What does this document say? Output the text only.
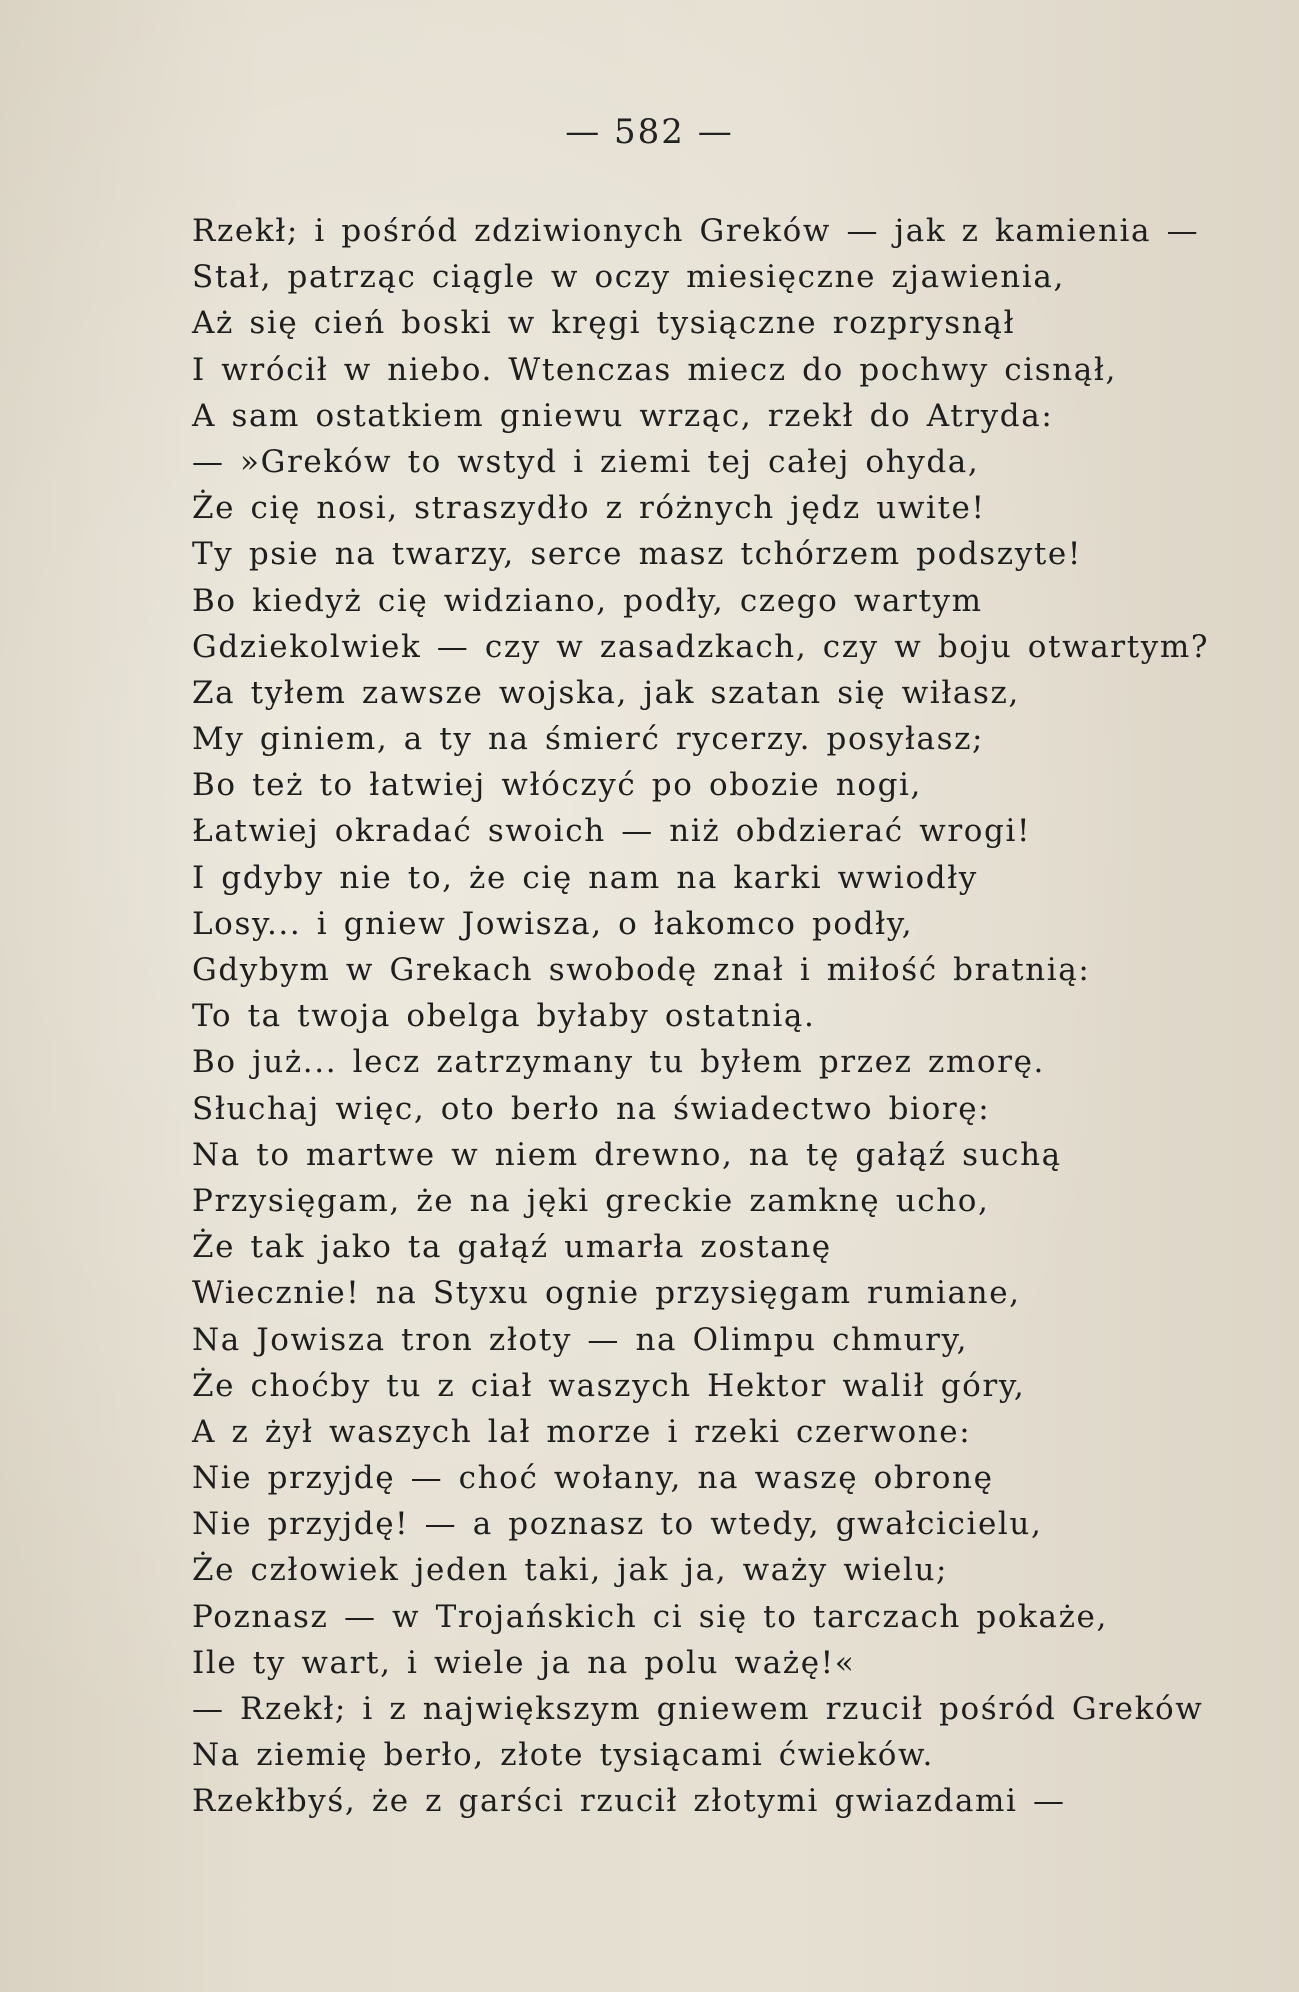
— 582 —
Rzekł; i pośród zdziwionych Greków — jak z kamienia —
Stał, patrząc ciągle w oczy miesięczne zjawienia,
Aż się cień boski w kręgi tysiączne rozprysnął
I wrócił w niebo. Wtenczas miecz do pochwy cisnął,
A sam ostatkiem gniewu wrząc, rzekł do Atryda:
— »Greków to wstyd i ziemi tej całej ohyda,
Że cię nosi, straszydło z różnych jędz uwite!
Ty psie na twarzy, serce masz tchórzem podszyte!
Bo kiedyż cię widziano, podły, czego wartym
Gdziekolwiek — czy w zasadzkach, czy w boju otwartym?
Za tyłem zawsze wojska, jak szatan się wiłasz,
My giniem, a ty na śmierć rycerzy. posyłasz;
Bo też to łatwiej włóczyć po obozie nogi,
Łatwiej okradać swoich — niż obdzierać wrogi!
I gdyby nie to, że cię nam na karki wwiodły
Losy... i gniew Jowisza, o łakomco podły,
Gdybym w Grekach swobodę znał i miłość bratnią:
To ta twoja obelga byłaby ostatnią.
Bo już... lecz zatrzymany tu byłem przez zmorę.
Słuchaj więc, oto berło na świadectwo biorę:
Na to martwe w niem drewno, na tę gałąź suchą
Przysięgam, że na jęki greckie zamknę ucho,
Że tak jako ta gałąź umarła zostanę
Wiecznie! na Styxu ognie przysięgam rumiane,
Na Jowisza tron złoty — na Olimpu chmury,
Że choćby tu z ciał waszych Hektor walił góry,
A z żył waszych lał morze i rzeki czerwone:
Nie przyjdę — choć wołany, na waszę obronę
Nie przyjdę! — a poznasz to wtedy, gwałcicielu,
Że człowiek jeden taki, jak ja, waży wielu;
Poznasz — w Trojańskich ci się to tarczach pokaże,
Ile ty wart, i wiele ja na polu ważę!«
— Rzekł; i z największym gniewem rzucił pośród Greków
Na ziemię berło, złote tysiącami ćwieków.
Rzekłbyś, że z garści rzucił złotymi gwiazdami —
